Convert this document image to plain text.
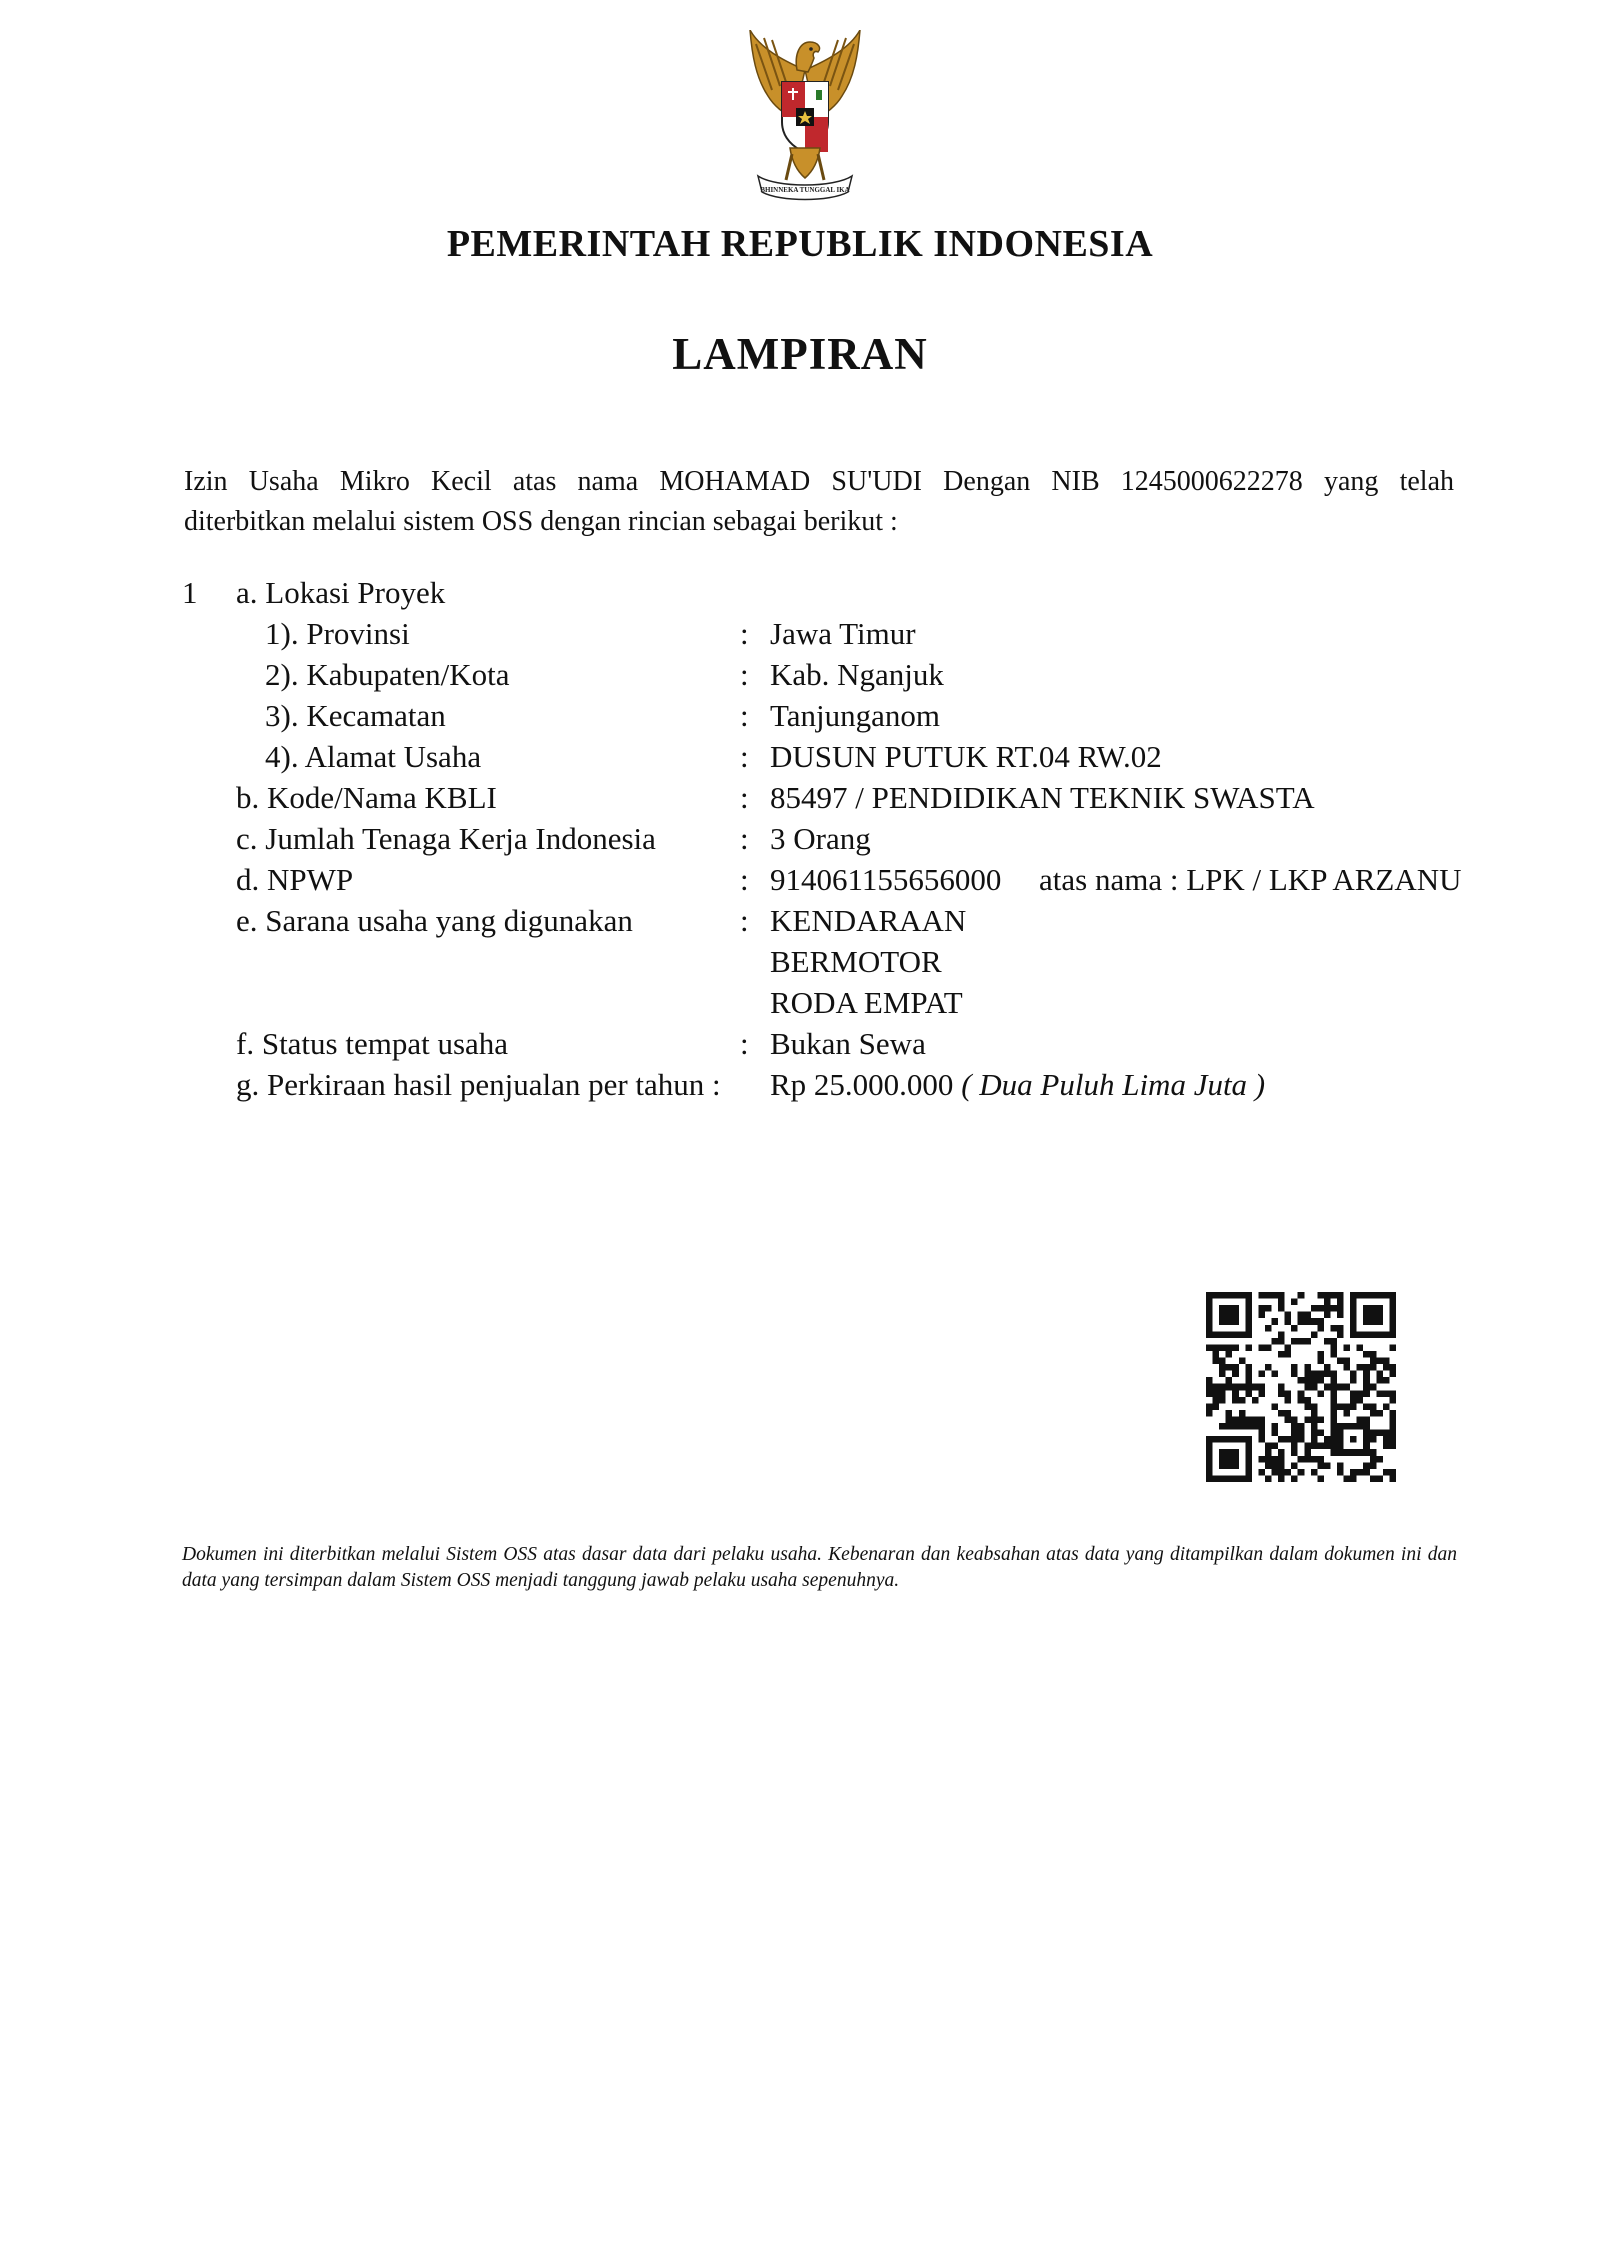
BHINNEKA TUNGGAL IKA
PEMERINTAH REPUBLIK INDONESIA
LAMPIRAN
Izin Usaha Mikro Kecil atas nama MOHAMAD SU'UDI Dengan NIB 1245000622278 yang telah
diterbitkan melalui sistem OSS dengan rincian sebagai berikut :
1 a. Lokasi Proyek
1). Provinsi	: Jawa Timur
2). Kabupaten/Kota	: Kab. Nganjuk
3). Kecamatan	: Tanjunganom
4). Alamat Usaha	: DUSUN PUTUK RT.04 RW.02
b. Kode/Nama KBLI	: 85497 / PENDIDIKAN TEKNIK SWASTA
c. Jumlah Tenaga Kerja Indonesia	: 3 Orang
d. NPWP	: 914061155656000 atas nama : LPK / LKP ARZANU
e. Sarana usaha yang digunakan	: KENDARAAN
BERMOTOR
RODA EMPAT
f. Status tempat usaha	: Bukan Sewa
g. Perkiraan hasil penjualan per tahun : Rp 25.000.000 ( Dua Puluh Lima Juta )
Dokumen ini diterbitkan melalui Sistem OSS atas dasar data dari pelaku usaha. Kebenaran dan keabsahan atas data yang ditampilkan dalam dokumen ini dan data yang tersimpan dalam Sistem OSS menjadi tanggung jawab pelaku usaha sepenuhnya.
